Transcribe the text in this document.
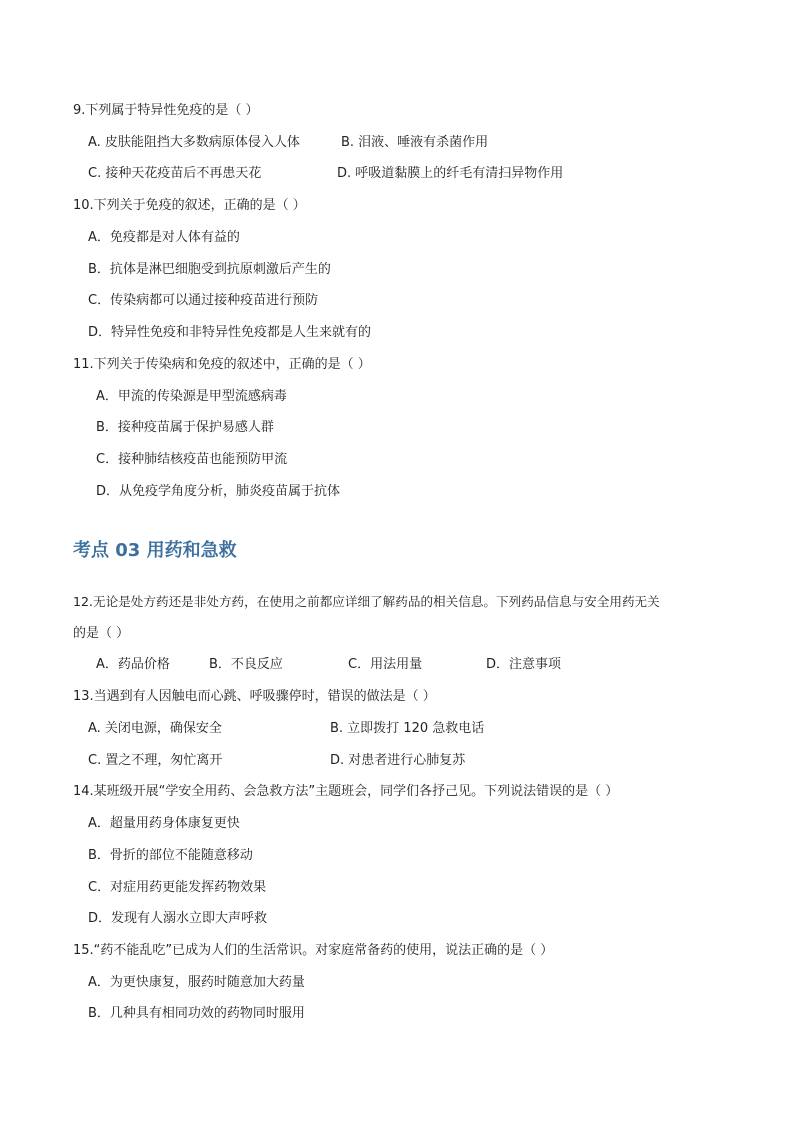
9.下列属于特异性免疫的是（ ）
A. 皮肤能阻挡大多数病原体侵入人体	B. 泪液、唾液有杀菌作用
C. 接种天花疫苗后不再患天花	D. 呼吸道黏膜上的纤毛有清扫异物作用
10.下列关于免疫的叙述，正确的是（ ）
A．免疫都是对人体有益的
B．抗体是淋巴细胞受到抗原刺激后产生的
C．传染病都可以通过接种疫苗进行预防
D．特异性免疫和非特异性免疫都是人生来就有的
11.下列关于传染病和免疫的叙述中，正确的是（ ）
A．甲流的传染源是甲型流感病毒
B．接种疫苗属于保护易感人群
C．接种肺结核疫苗也能预防甲流
D．从免疫学角度分析，肺炎疫苗属于抗体
考点 03 用药和急救
12.无论是处方药还是非处方药，在使用之前都应详细了解药品的相关信息。下列药品信息与安全用药无关
的是（ ）
A．药品价格	B．不良反应	C．用法用量	D．注意事项
13.当遇到有人因触电而心跳、呼吸骤停时，错误的做法是（ ）
A. 关闭电源，确保安全	B. 立即拨打 120 急救电话
C. 置之不理，匆忙离开	D. 对患者进行心肺复苏
14.某班级开展“学安全用药、会急救方法”主题班会，同学们各抒己见。下列说法错误的是（ ）
A．超量用药身体康复更快
B．骨折的部位不能随意移动
C．对症用药更能发挥药物效果
D．发现有人溺水立即大声呼救
15.“药不能乱吃”已成为人们的生活常识。对家庭常备药的使用，说法正确的是（ ）
A．为更快康复，服药时随意加大药量
B．几种具有相同功效的药物同时服用
